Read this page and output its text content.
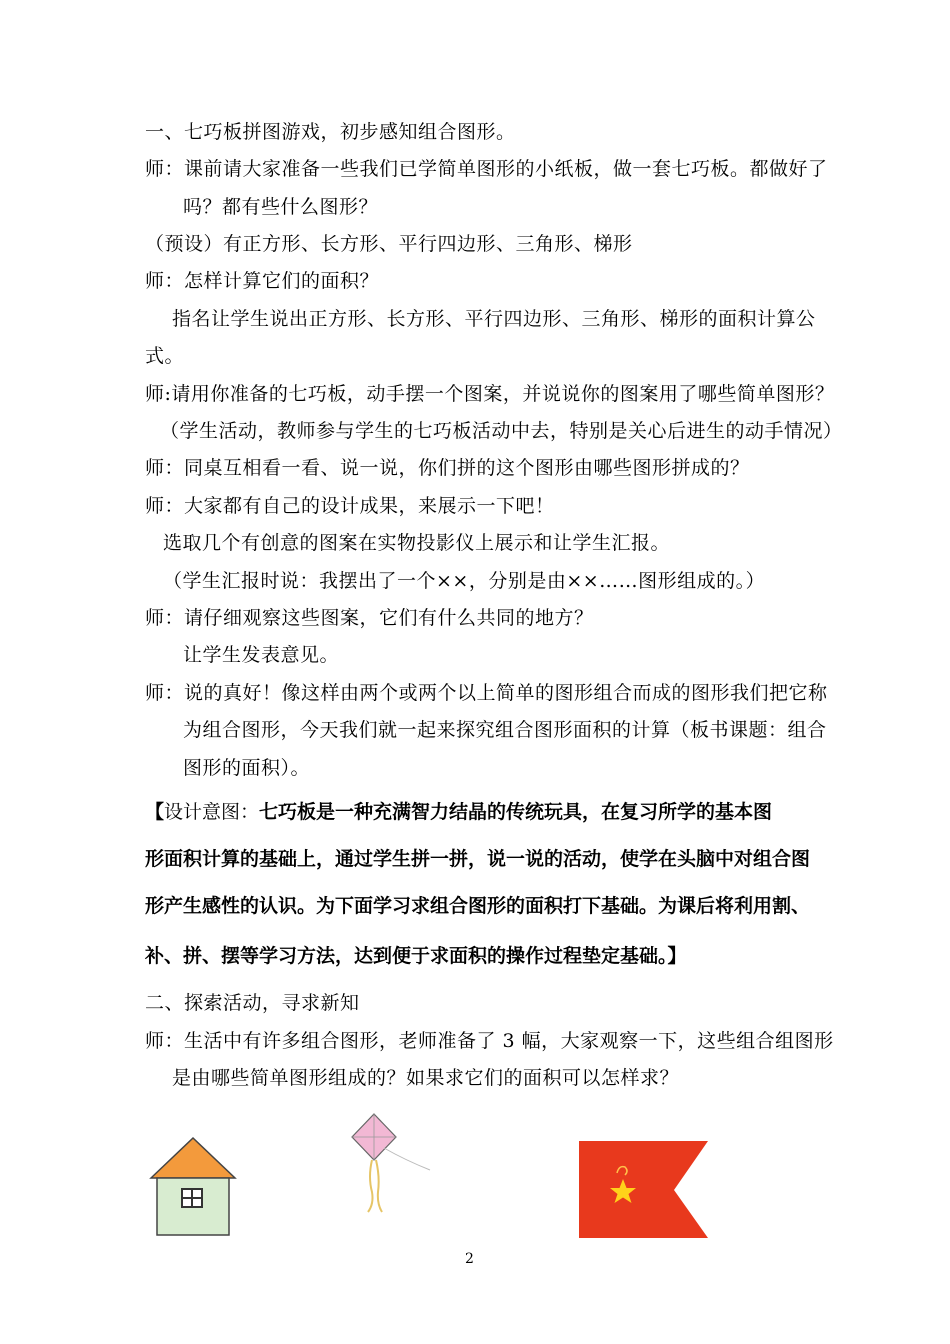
一、七巧板拼图游戏，初步感知组合图形。
师：课前请大家准备一些我们已学简单图形的小纸板，做一套七巧板。都做好了
吗？都有些什么图形？
（预设）有正方形、长方形、平行四边形、三角形、梯形
师：怎样计算它们的面积？
指名让学生说出正方形、长方形、平行四边形、三角形、梯形的面积计算公
式。
师:请用你准备的七巧板，动手摆一个图案，并说说你的图案用了哪些简单图形？
（学生活动，教师参与学生的七巧板活动中去，特别是关心后进生的动手情况）
师：同桌互相看一看、说一说，你们拼的这个图形由哪些图形拼成的？
师：大家都有自己的设计成果，来展示一下吧！
选取几个有创意的图案在实物投影仪上展示和让学生汇报。
（学生汇报时说：我摆出了一个××，分别是由××……图形组成的。）
师：请仔细观察这些图案，它们有什么共同的地方？
让学生发表意见。
师：说的真好！像这样由两个或两个以上简单的图形组合而成的图形我们把它称
为组合图形，今天我们就一起来探究组合图形面积的计算（板书课题：组合
图形的面积）。
【设计意图：七巧板是一种充满智力结晶的传统玩具，在复习所学的基本图
形面积计算的基础上，通过学生拼一拼，说一说的活动，使学在头脑中对组合图
形产生感性的认识。为下面学习求组合图形的面积打下基础。为课后将利用割、
补、拼、摆等学习方法，达到便于求面积的操作过程垫定基础。】
二、探索活动，寻求新知
师：生活中有许多组合图形，老师准备了 3 幅，大家观察一下，这些组合组图形
是由哪些简单图形组成的？如果求它们的面积可以怎样求？
2
